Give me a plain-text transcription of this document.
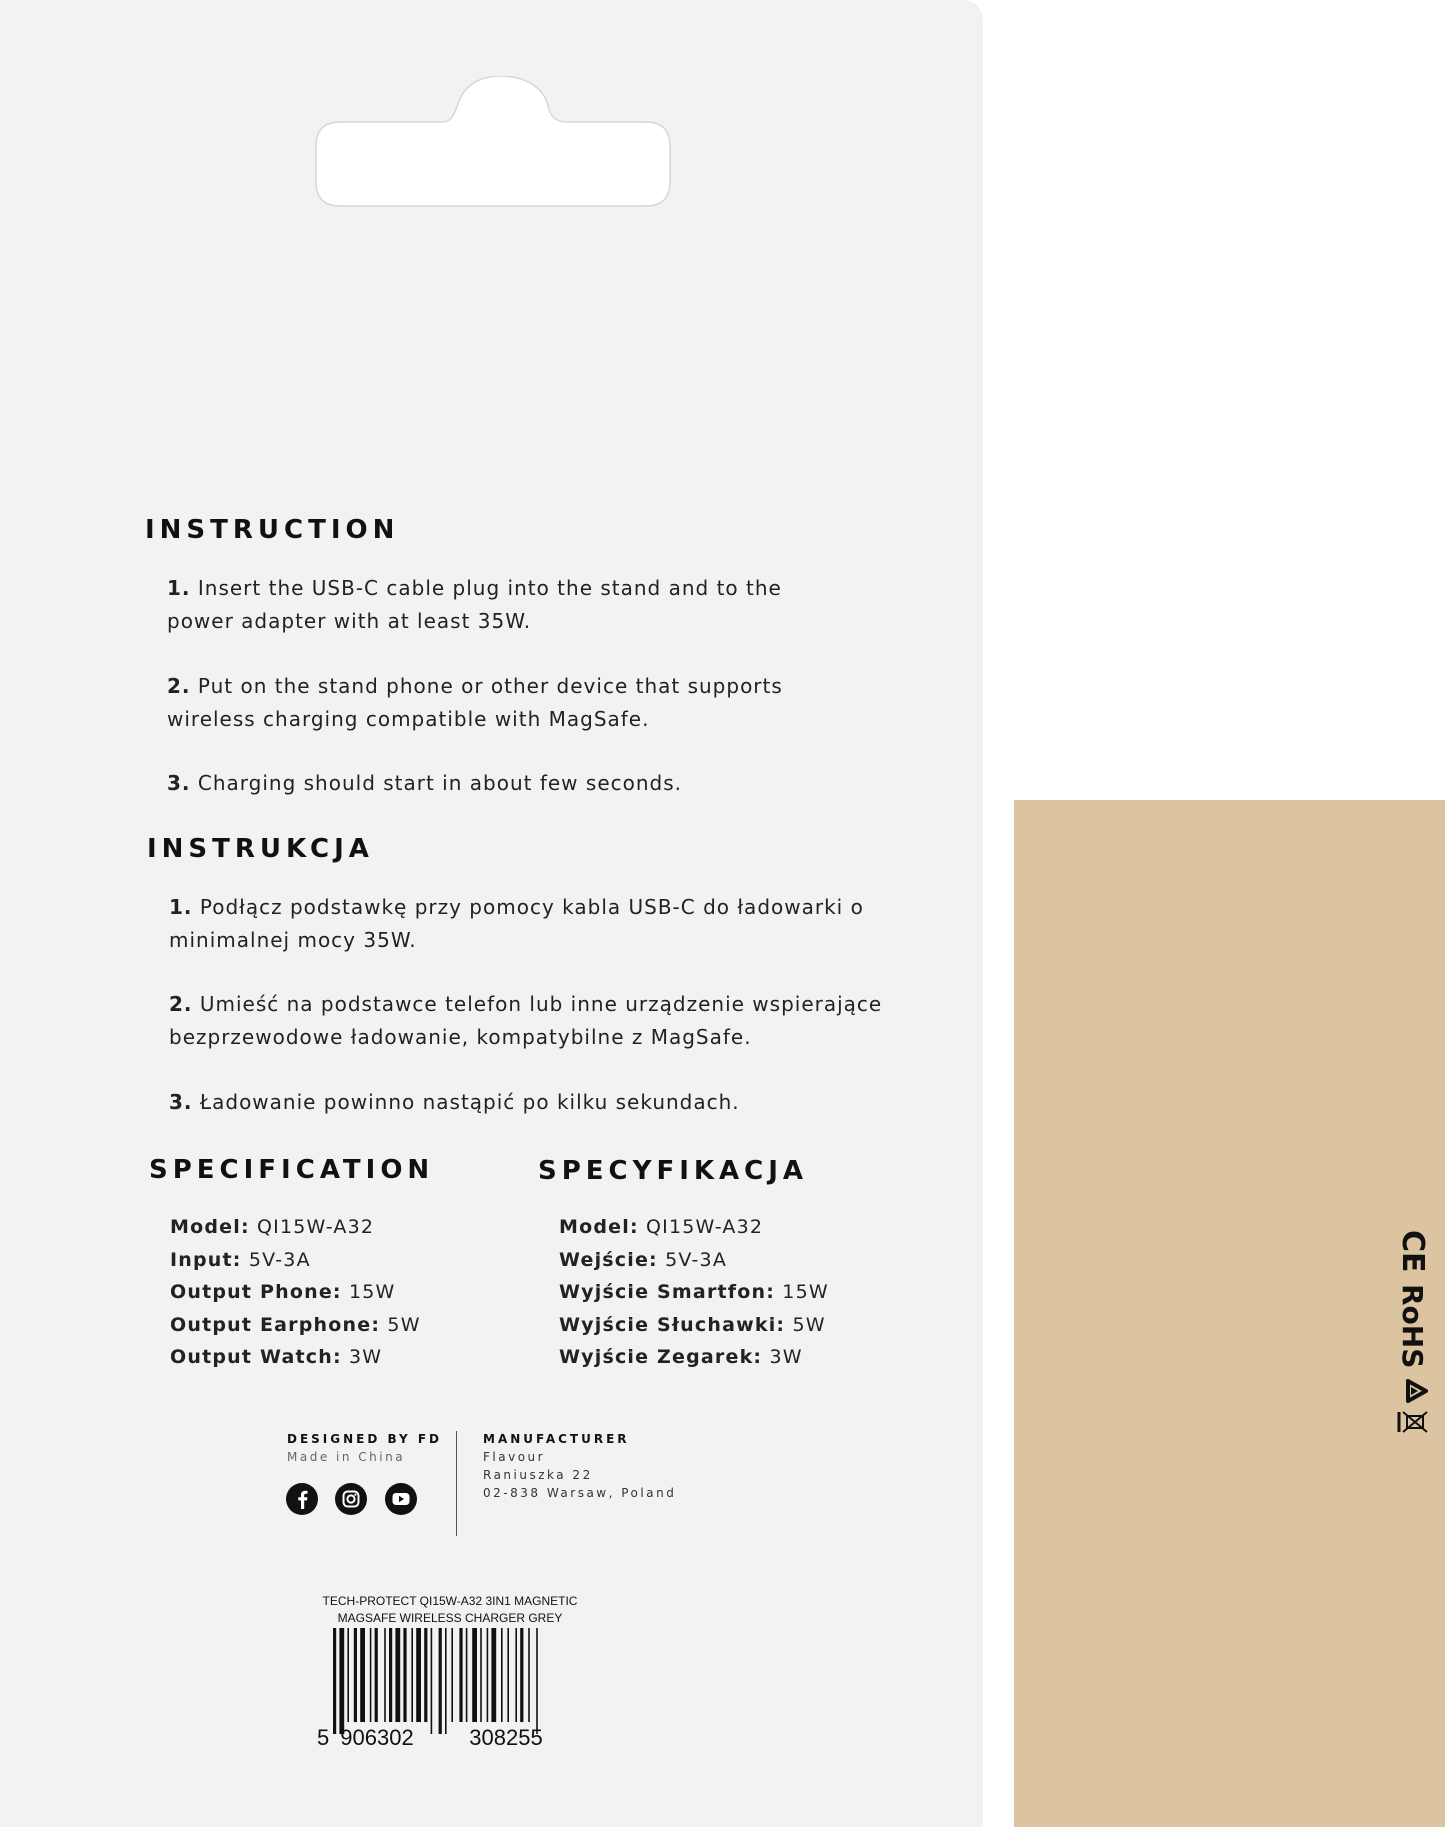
INSTRUCTION

1. Insert the USB-C cable plug into the stand and to the
power adapter with at least 35W.

2. Put on the stand phone or other device that supports
wireless charging compatible with MagSafe.

3. Charging should start in about few seconds.

INSTRUKCJA

1. Podłącz podstawkę przy pomocy kabla USB-C do ładowarki o
minimalnej mocy 35W.

2. Umieść na podstawce telefon lub inne urządzenie wspierające
bezprzewodowe ładowanie, kompatybilne z MagSafe.

3. Ładowanie powinno nastąpić po kilku sekundach.

SPECIFICATION
Model: QI15W-A32
Input: 5V-3A
Output Phone: 15W
Output Earphone: 5W
Output Watch: 3W
SPECYFIKACJA
Model: QI15W-A32
Wejście: 5V-3A
Wyjście Smartfon: 15W
Wyjście Słuchawki: 5W
Wyjście Zegarek: 3W
DESIGNED BY FD
Made in China
MANUFACTURER
Flavour
Raniuszka 22
02-838 Warsaw, Poland
TECH-PROTECT QI15W-A32 3IN1 MAGNETIC
MAGSAFE WIRELESS CHARGER GREY
5 906302	308255
CE
RoHS
